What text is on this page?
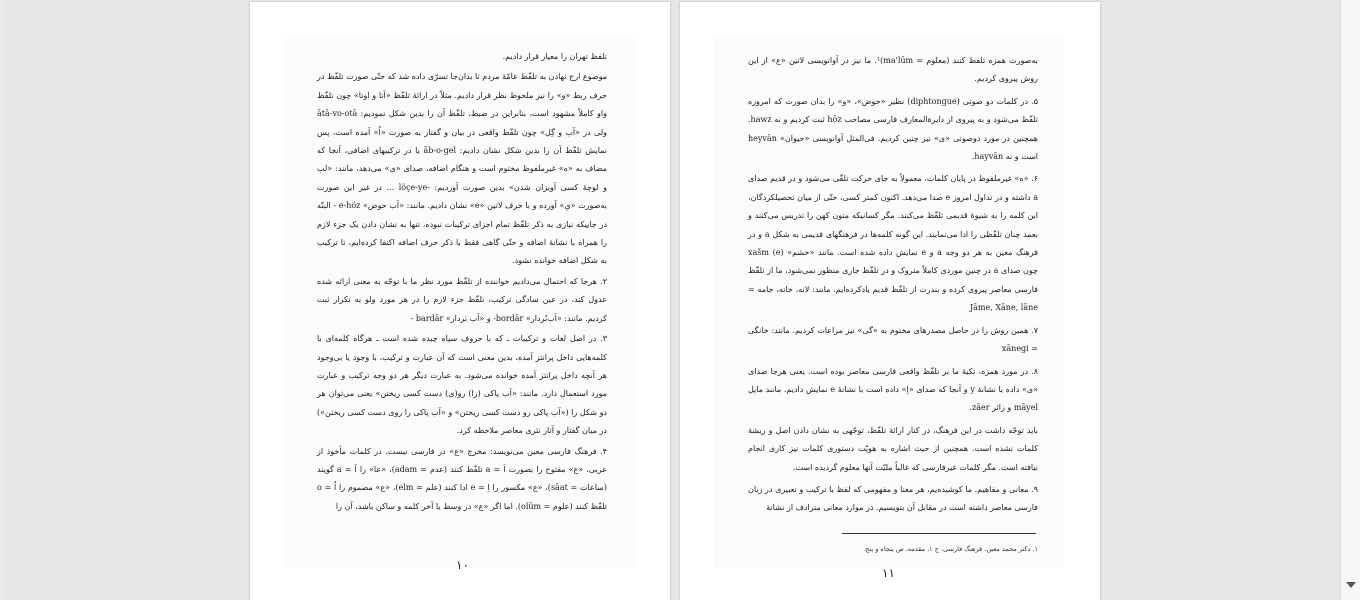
تلفظ تهران را معیار قرار دادیم.

موضوع ارج نهادن به تلفّظ عامّهٔ مردم تا بدان‌جا تسرّی داده شد که حتّی صورت تلفّظ در حرف ربط «و» را نیز ملحوظ نظر قرار دادیم. مثلاً در ارائهٔ تلفّظ «آتا و اوتا» چون تلفّظ واو کاملاً مشهود است، بنابراین در ضبط، تلفّظ آن را بدین شکل نمودیم: ātā-vo-otā ولی در «آب و گِل» چون تلفّظ واقعی در بیان و گفتار به صورت «اُ» آمده است، پس نمایش تلفّظ آن را بدین شکل نشان دادیم: āb-o-gel یا در ترکیبهای اضافی، آنجا که مضاف به «ه» غیرملفوظ مختوم است و هنگام اضافه، صدای «ی» می‌دهد، مانند: «لب و لوچهٔ کسی آویزان شدن» بدین صورت آوردیم: -löçe-ye ... در غیر این صورت به‌صورت «یِ» آورده و با حرف لاتین «e» نشان دادیم. مانند: «آب حوض» e-höz - البتّه در جاییکه نیازی به ذکر تلفّظ تمام اجزای ترکیبات نبوده، تنها به نشان دادن یک جزء لازم را همراه با نشانهٔ اضافه و حتّی گاهی فقط با ذکر حرف اضافه اکتفا کرده‌ایم، تا ترکیب به شکل اضافه خوانده نشود.

۲. هرجا که احتمال می‌دادیم خواننده از تلفّظ مورد نظر ما با توجّه به معنی ارائه شده عدول کند، در عین سادگی ترکیب، تلفّظ جزء لازم را در هر مورد ولو به تکرار ثبت کردیم. مانند: «آب‌بُردار» bordār- و «آب بَردار» bardār -

۳. در اصل لغات و ترکیبات ـ که با حروف سیاه چیده شده است ـ هرگاه کلمه‌ای با کلمه‌هایی داخل پرانتز آمده، بدین معنی است که آن عبارت و ترکیب، با وجود یا بی‌وجود هر آنچه داخل پرانتز آمده خوانده می‌شود. به عبارت دیگر هر دو وجه ترکیب و عبارت مورد استعمال دارد. مانند: «آب پاکی (را) رو(ی) دست کسی ریختن» یعنی می‌توان هر دو شکل را («آب پاکی رو دست کسی ریختن» و «آب پاکی را روی دست کسی ریختن») در میان گفتار و آثار نثری معاصر ملاحظه کرد.

۴. فرهنگ فارسی معین می‌نویسد: مخرج «ع» در فارسی نیست. در کلمات مأخوذ از عربی، «ع» مفتوح را بصورت اَ = a تلفّظ کنند (عدم = adam)، «عا» را آ = a گویند (ساعات = sāat)، «ع» مکسور را اِ = e ادا کنند (علم = elm)، «ع» مضموم را اُ = o تلفّظ کنند (علوم = olūm). اما اگر «ع» در وسط یا آخر کلمه و ساکن باشد، آن را

۱۰

به‌صورت همزه تلفظ کنند (معلوم = ma'lūm)¹. ما نیز در آوانویسی لاتین «ع» از این روش پیروی کردیم.

۵. در کلمات دو صوتی (diphtongue) نظیر «حوض»، «و» را بدان صورت که امروزه تلفّظ می‌شود و به پیروی از دایرةالمعارف فارسی مصاحب hōz ثبت کردیم و نه hawz. همچنین در مورد دوصوتی «ی» نیز چنین کردیم. فی‌المثل آوانویسی «حیوان» heyvān است و نه hayvān.

۶. «ه» غیرملفوظ در پایان کلمات، معمولاً به جای حرکت تلقّی می‌شود و در قدیم صدای a داشته و در تداول امروز e صدا می‌دهد. اکنون کمتر کسی، حتّی از میان تحصیلکردگان، این کلمه را به شیوهٔ قدیمی تلفّظ می‌کنند. مگر کسانیکه متون کهن را تدریس می‌کنند و بعمد چنان تلفّظی را ادا می‌نمایند. این گونه کلمه‌ها در فرهنگهای قدیمی به شکل a و در فرهنگ معین به هر دو وجه a و e نمایش داده شده است. مانند «خشم» xašm (e) چون صدای a در چنین موردی کاملاً متروک و در تلفّظ جاری منظور نمی‌شود، ما از تلفّظ فارسی معاصر پیروی کرده و بندرت از تلفّظ قدیم یادکرده‌ایم. مانند: لانه، خانه، جامه = Jāme, Xāne, lāne

۷. همین روش را در حاصل مصدرهای مختوم به «گی» نیز مراعات کردیم. مانند: خانگی = xānegi

۸. در مورد همزه، تکیهٔ ما بر تلفّظ واقعی فارسی معاصر بوده است. یعنی هرجا صدای «ی» داده با نشانهٔ y و آنجا که صدای «اِ» داده است با نشانهٔ e نمایش دادیم. مانند مایل māyel و زائر zāer.

باید توجّه داشت در این فرهنگ، در کنار ارائهٔ تلفّظ، توجّهی به نشان دادن اصل و ریشهٔ کلمات نشده است. همچنین از حیث اشاره به هویّت دستوری کلمات نیز کاری انجام نیافته است. مگر کلمات غیرفارسی که غالباً ملیّت آنها معلوم گردیده است.

۹. معانی و مفاهیم. ما کوشیده‌یم، هر معنا و مفهومی که لفظ یا ترکیب و تعبیری در زبان فارسی معاصر داشته است در مقابل آن بنویسیم. در موارد معانی مترادف از نشانهٔ

۱. دکتر محمد معین، فرهنگ فارسی، ج ۱، مقدمه، ص پنجاه و پنج.
۱۱
